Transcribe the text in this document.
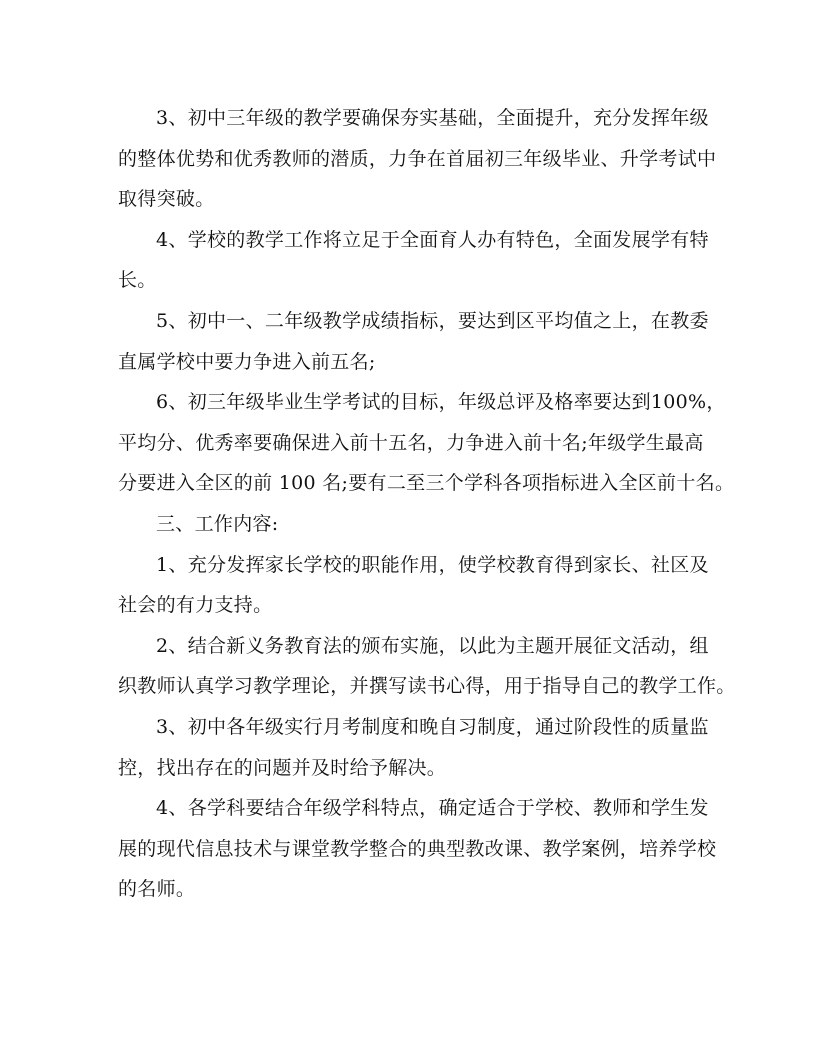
3、初中三年级的教学要确保夯实基础，全面提升，充分发挥年级
的整体优势和优秀教师的潜质，力争在首届初三年级毕业、升学考试中
取得突破。
4、学校的教学工作将立足于全面育人办有特色，全面发展学有特
长。
5、初中一、二年级教学成绩指标，要达到区平均值之上，在教委
直属学校中要力争进入前五名;
6、初三年级毕业生学考试的目标，年级总评及格率要达到100%，
平均分、优秀率要确保进入前十五名，力争进入前十名;年级学生最高
分要进入全区的前 100 名;要有二至三个学科各项指标进入全区前十名。
三、工作内容:
1、充分发挥家长学校的职能作用，使学校教育得到家长、社区及
社会的有力支持。
2、结合新义务教育法的颁布实施，以此为主题开展征文活动，组
织教师认真学习教学理论，并撰写读书心得，用于指导自己的教学工作。
3、初中各年级实行月考制度和晚自习制度，通过阶段性的质量监
控，找出存在的问题并及时给予解决。
4、各学科要结合年级学科特点，确定适合于学校、教师和学生发
展的现代信息技术与课堂教学整合的典型教改课、教学案例，培养学校
的名师。
